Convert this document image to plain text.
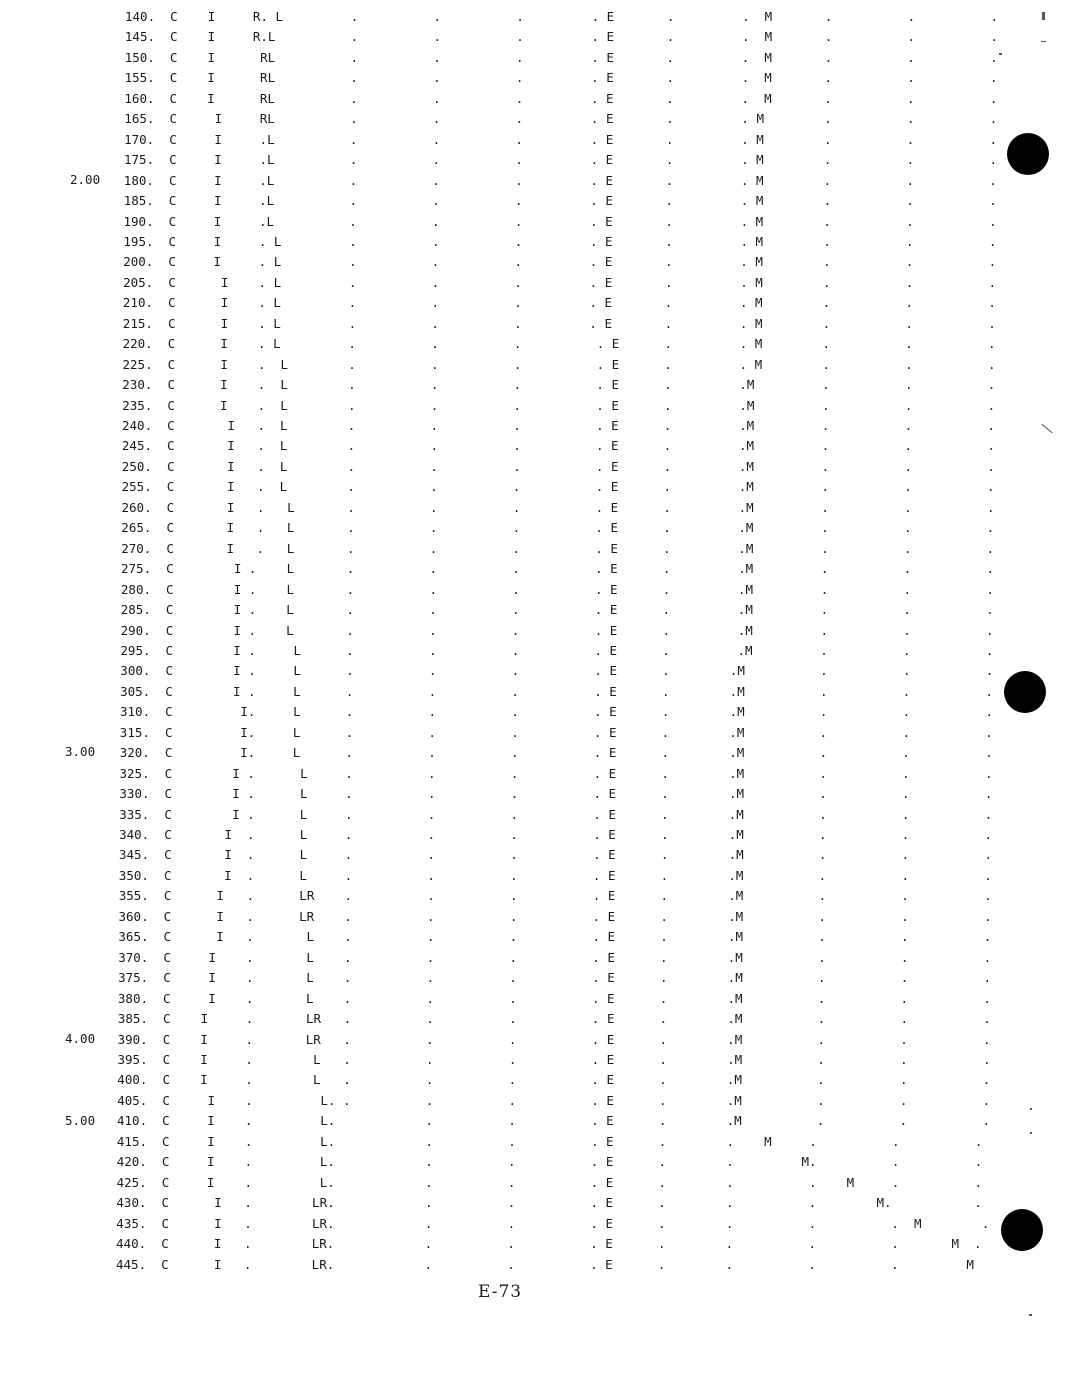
140.  C    I     R. L         .          .          .         . E       .         .  M       .          .          .
145.  C    I     R.L          .          .          .         . E       .         .  M       .          .          .
150.  C    I      RL          .          .          .         . E       .         .  M       .          .          .
155.  C    I      RL          .          .          .         . E       .         .  M       .          .          .
160.  C    I      RL          .          .          .         . E       .         .  M       .          .          .
165.  C     I     RL          .          .          .         . E       .         . M        .          .          .
170.  C     I     .L          .          .          .         . E       .         . M        .          .          .
175.  C     I     .L          .          .          .         . E       .         . M        .          .          .
180.  C     I     .L          .          .          .         . E       .         . M        .          .          .
185.  C     I     .L          .          .          .         . E       .         . M        .          .          .
190.  C     I     .L          .          .          .         . E       .         . M        .          .          .
195.  C     I     . L         .          .          .         . E       .         . M        .          .          .
200.  C     I     . L         .          .          .         . E       .         . M        .          .          .
205.  C      I    . L         .          .          .         . E       .         . M        .          .          .
210.  C      I    . L         .          .          .         . E       .         . M        .          .          .
215.  C      I    . L         .          .          .         . E       .         . M        .          .          .
220.  C      I    . L         .          .          .          . E      .         . M        .          .          .
225.  C      I    .  L        .          .          .          . E      .         . M        .          .          .
230.  C      I    .  L        .          .          .          . E      .         .M         .          .          .
235.  C      I    .  L        .          .          .          . E      .         .M         .          .          .
240.  C       I   .  L        .          .          .          . E      .         .M         .          .          .
245.  C       I   .  L        .          .          .          . E      .         .M         .          .          .
250.  C       I   .  L        .          .          .          . E      .         .M         .          .          .
255.  C       I   .  L        .          .          .          . E      .         .M         .          .          .
260.  C       I   .   L       .          .          .          . E      .         .M         .          .          .
265.  C       I   .   L       .          .          .          . E      .         .M         .          .          .
270.  C       I   .   L       .          .          .          . E      .         .M         .          .          .
275.  C        I .    L       .          .          .          . E      .         .M         .          .          .
280.  C        I .    L       .          .          .          . E      .         .M         .          .          .
285.  C        I .    L       .          .          .          . E      .         .M         .          .          .
290.  C        I .    L       .          .          .          . E      .         .M         .          .          .
295.  C        I .     L      .          .          .          . E      .         .M         .          .          .
300.  C        I .     L      .          .          .          . E      .        .M          .          .          .
305.  C        I .     L      .          .          .          . E      .        .M          .          .          .
310.  C         I.     L      .          .          .          . E      .        .M          .          .          .
315.  C         I.     L      .          .          .          . E      .        .M          .          .          .
320.  C         I.     L      .          .          .          . E      .        .M          .          .          .
325.  C        I .      L     .          .          .          . E      .        .M          .          .          .
330.  C        I .      L     .          .          .          . E      .        .M          .          .          .
335.  C        I .      L     .          .          .          . E      .        .M          .          .          .
340.  C       I  .      L     .          .          .          . E      .        .M          .          .          .
345.  C       I  .      L     .          .          .          . E      .        .M          .          .          .
350.  C       I  .      L     .          .          .          . E      .        .M          .          .          .
355.  C      I   .      LR    .          .          .          . E      .        .M          .          .          .
360.  C      I   .      LR    .          .          .          . E      .        .M          .          .          .
365.  C      I   .       L    .          .          .          . E      .        .M          .          .          .
370.  C     I    .       L    .          .          .          . E      .        .M          .          .          .
375.  C     I    .       L    .          .          .          . E      .        .M          .          .          .
380.  C     I    .       L    .          .          .          . E      .        .M          .          .          .
385.  C    I     .       LR   .          .          .          . E      .        .M          .          .          .
390.  C    I     .       LR   .          .          .          . E      .        .M          .          .          .
395.  C    I     .        L   .          .          .          . E      .        .M          .          .          .
400.  C    I     .        L   .          .          .          . E      .        .M          .          .          .
405.  C     I    .         L. .          .          .          . E      .        .M          .          .          .
410.  C     I    .         L.            .          .          . E      .        .M          .          .          .
415.  C     I    .         L.            .          .          . E      .        .    M     .          .          .
420.  C     I    .         L.            .          .          . E      .        .         M.          .          .
425.  C     I    .         L.            .          .          . E      .        .          .    M     .          .
430.  C      I   .        LR.            .          .          . E      .        .          .        M.           .
435.  C      I   .        LR.            .          .          . E      .        .          .          .  M        .
440.  C      I   .        LR.            .          .          . E      .        .          .          .       M  .
445.  C      I   .        LR.            .          .          . E      .        .          .          .         M
2.00
3.00
4.00
5.00
E-73
